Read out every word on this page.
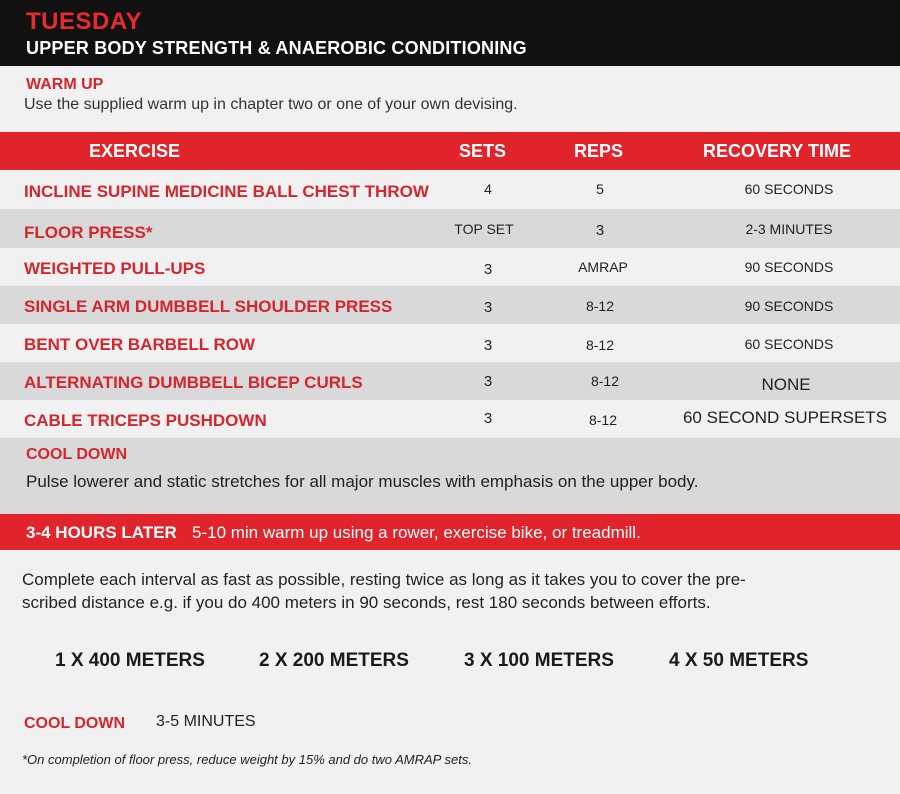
TUESDAY
UPPER BODY STRENGTH & ANAEROBIC CONDITIONING
WARM UP
Use the supplied warm up in chapter two or one of your own devising.
EXERCISE	SETS	REPS	RECOVERY TIME
INCLINE SUPINE MEDICINE BALL CHEST THROW	4	5	60 SECONDS
FLOOR PRESS*	TOP SET	3	2-3 MINUTES
WEIGHTED PULL-UPS	3	AMRAP	90 SECONDS
SINGLE ARM DUMBBELL SHOULDER PRESS	3	8-12	90 SECONDS
BENT OVER BARBELL ROW	3	8-12	60 SECONDS
ALTERNATING DUMBBELL BICEP CURLS	3	8-12	NONE
CABLE TRICEPS PUSHDOWN	3	8-12	60 SECOND SUPERSETS
COOL DOWN
Pulse lowerer and static stretches for all major muscles with emphasis on the upper body.
3-4 HOURS LATER 5-10 min warm up using a rower, exercise bike, or treadmill.
Complete each interval as fast as possible, resting twice as long as it takes you to cover the pre-
scribed distance e.g. if you do 400 meters in 90 seconds, rest 180 seconds between efforts.
1 X 400 METERS	2 X 200 METERS	3 X 100 METERS	4 X 50 METERS
COOL DOWN 3-5 MINUTES
*On completion of floor press, reduce weight by 15% and do two AMRAP sets.
